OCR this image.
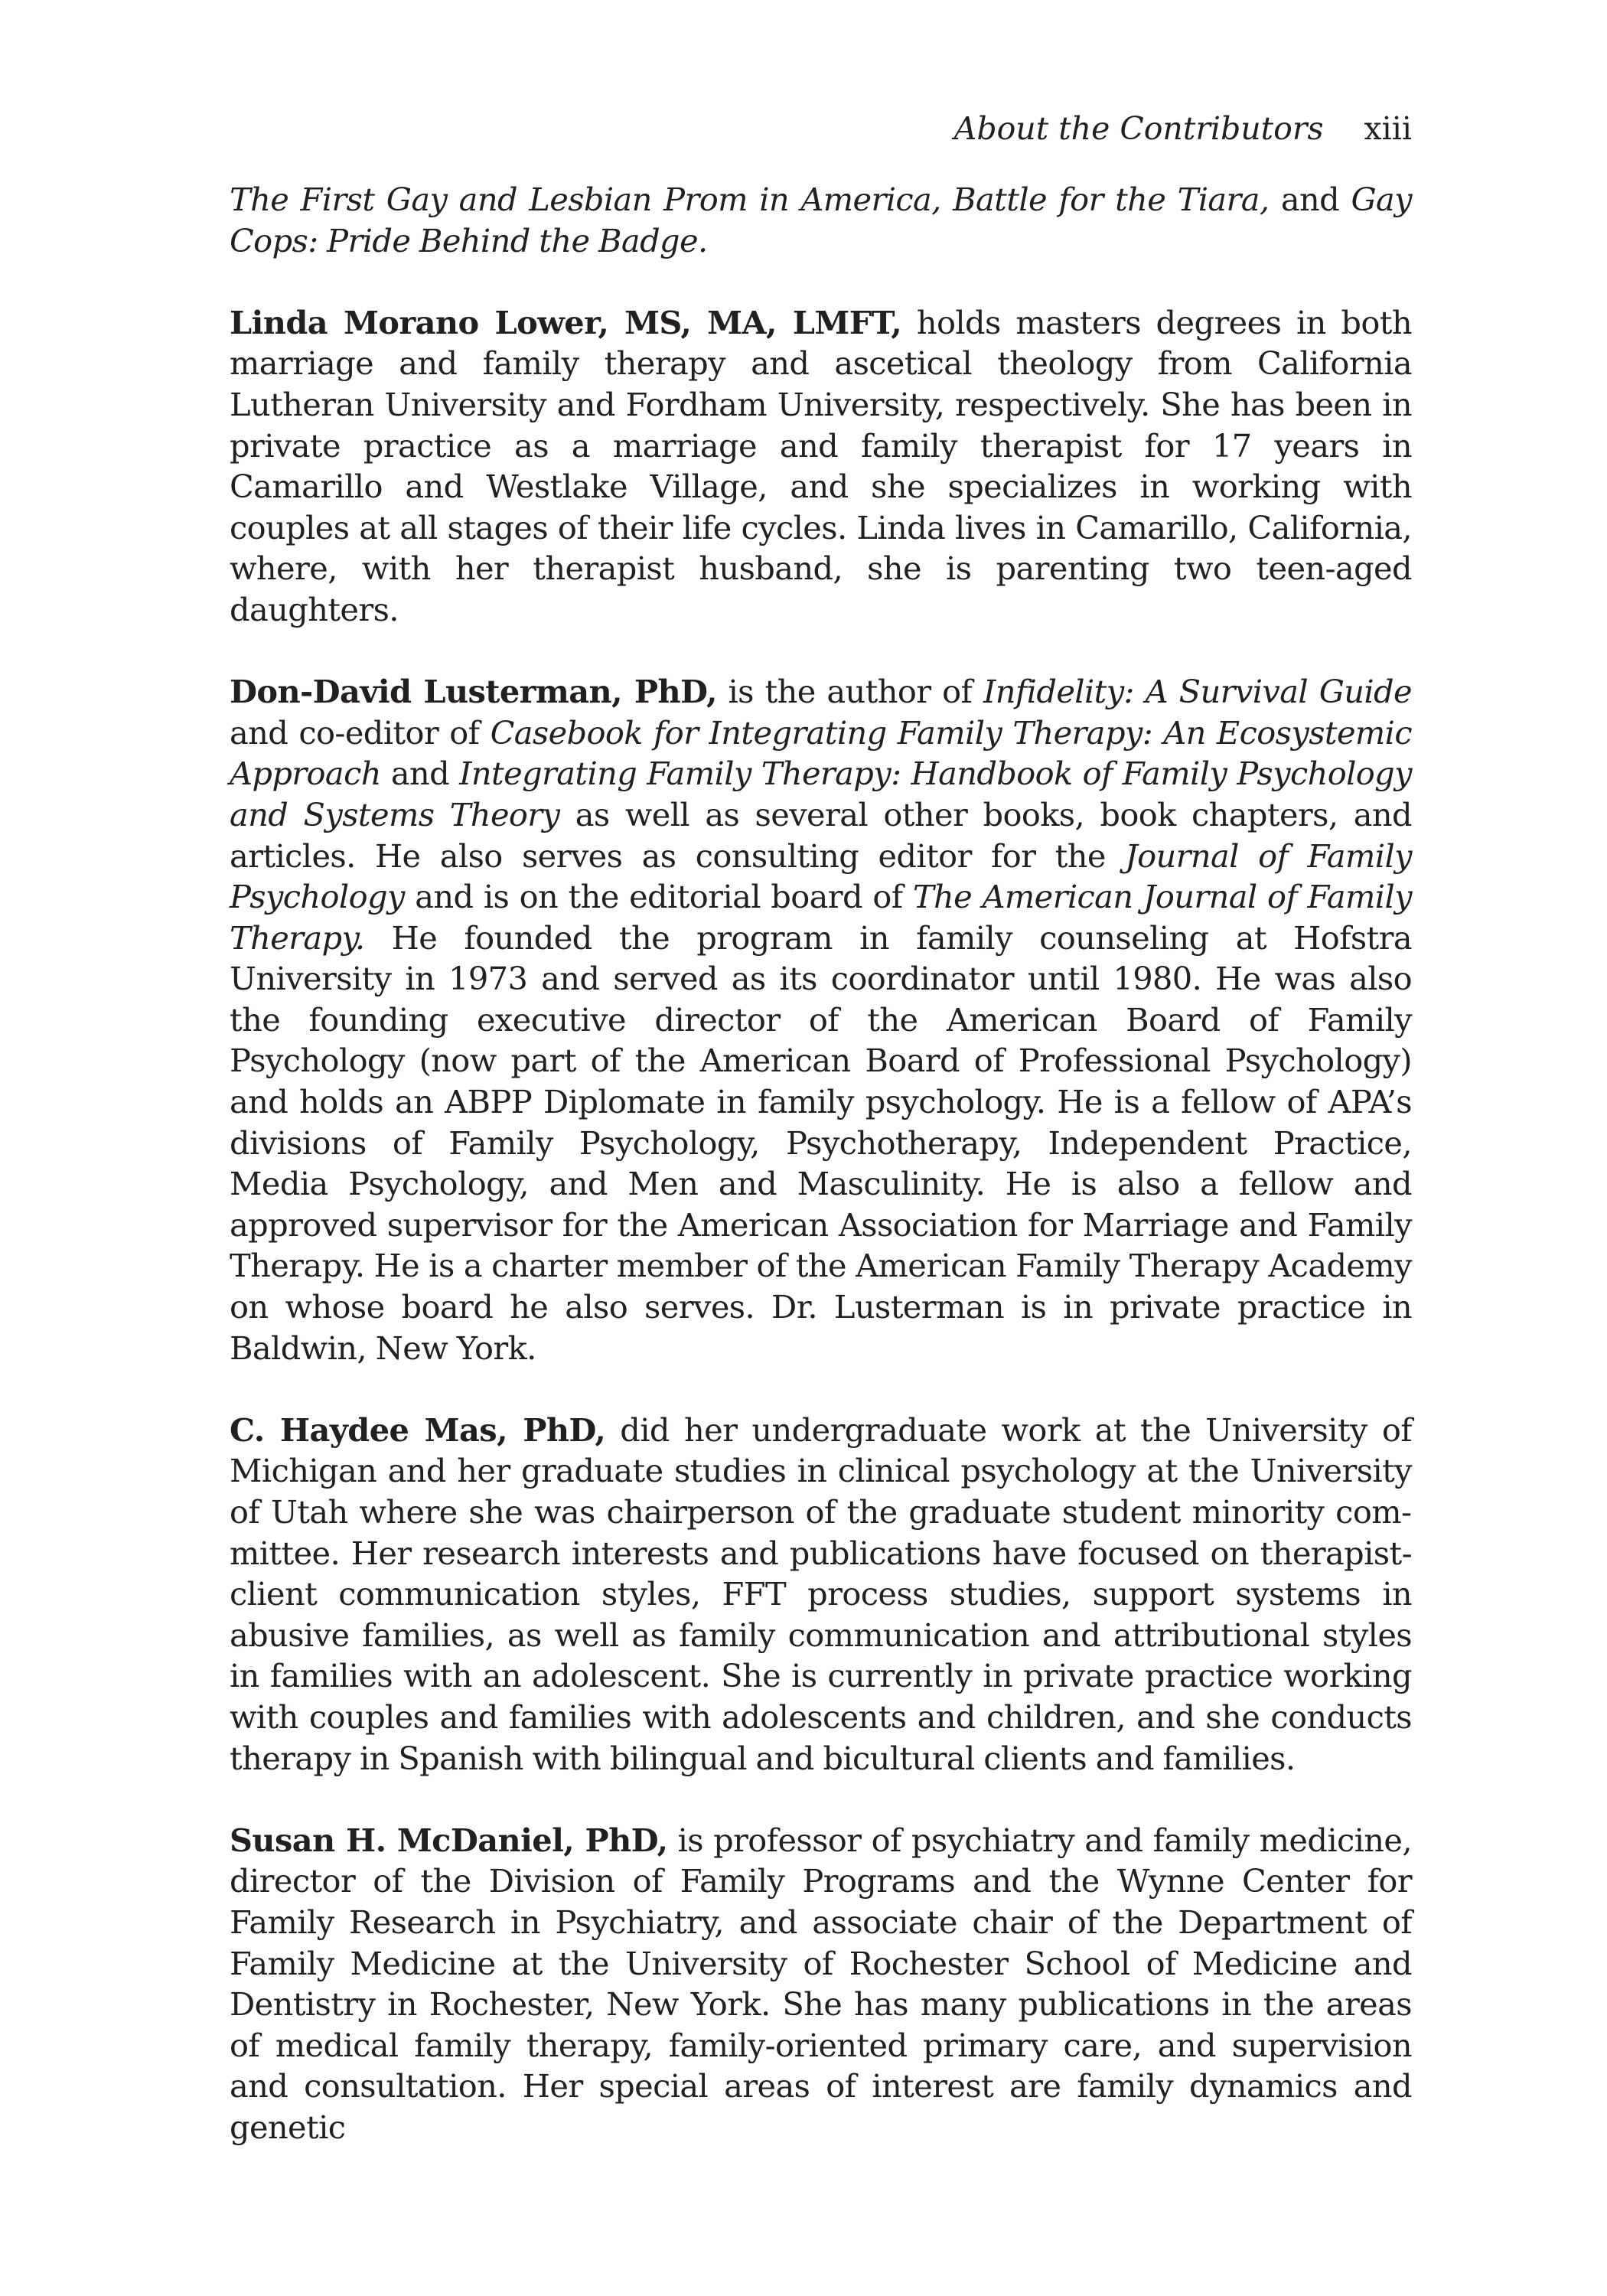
About the Contributors xiii

The First Gay and Lesbian Prom in America, Battle for the Tiara, and Gay Cops: Pride Behind the Badge.

Linda Morano Lower, MS, MA, LMFT, holds masters degrees in both marriage and family therapy and ascetical theology from California Lutheran University and Fordham University, respectively. She has been in private practice as a marriage and family therapist for 17 years in Camarillo and Westlake Village, and she specializes in working with couples at all stages of their life cycles. Linda lives in Camarillo, California, where, with her therapist husband, she is parenting two teen-aged daughters.

Don-David Lusterman, PhD, is the author of Infidelity: A Survival Guide and co-editor of Casebook for Integrating Family Therapy: An Ecosystemic Approach and Integrating Family Therapy: Handbook of Family Psychology and Systems Theory as well as several other books, book chapters, and articles. He also serves as consulting editor for the Journal of Family Psychology and is on the editorial board of The American Journal of Family Therapy. He founded the program in family counseling at Hofstra University in 1973 and served as its coordinator until 1980. He was also the founding executive director of the American Board of Family Psychology (now part of the American Board of Professional Psychology) and holds an ABPP Diplomate in family psychology. He is a fellow of APA’s divisions of Family Psychology, Psychotherapy, Independent Practice, Media Psychology, and Men and Masculinity. He is also a fellow and approved supervisor for the American Association for Marriage and Family Therapy. He is a charter member of the American Family Therapy Academy on whose board he also serves. Dr. Lusterman is in private practice in Baldwin, New York.

C. Haydee Mas, PhD, did her undergraduate work at the University of Michigan and her graduate studies in clinical psychology at the University of Utah where she was chairperson of the graduate student minority committee. Her research interests and publications have focused on therapist-client communication styles, FFT process studies, support systems in abusive families, as well as family communication and attributional styles in families with an adolescent. She is currently in private practice working with couples and families with adolescents and children, and she conducts therapy in Spanish with bilingual and bicultural clients and families.

Susan H. McDaniel, PhD, is professor of psychiatry and family medicine, director of the Division of Family Programs and the Wynne Center for Family Research in Psychiatry, and associate chair of the Department of Family Medicine at the University of Rochester School of Medicine and Dentistry in Rochester, New York. She has many publications in the areas of medical family therapy, family-oriented primary care, and supervision and consultation. Her special areas of interest are family dynamics and genetic
